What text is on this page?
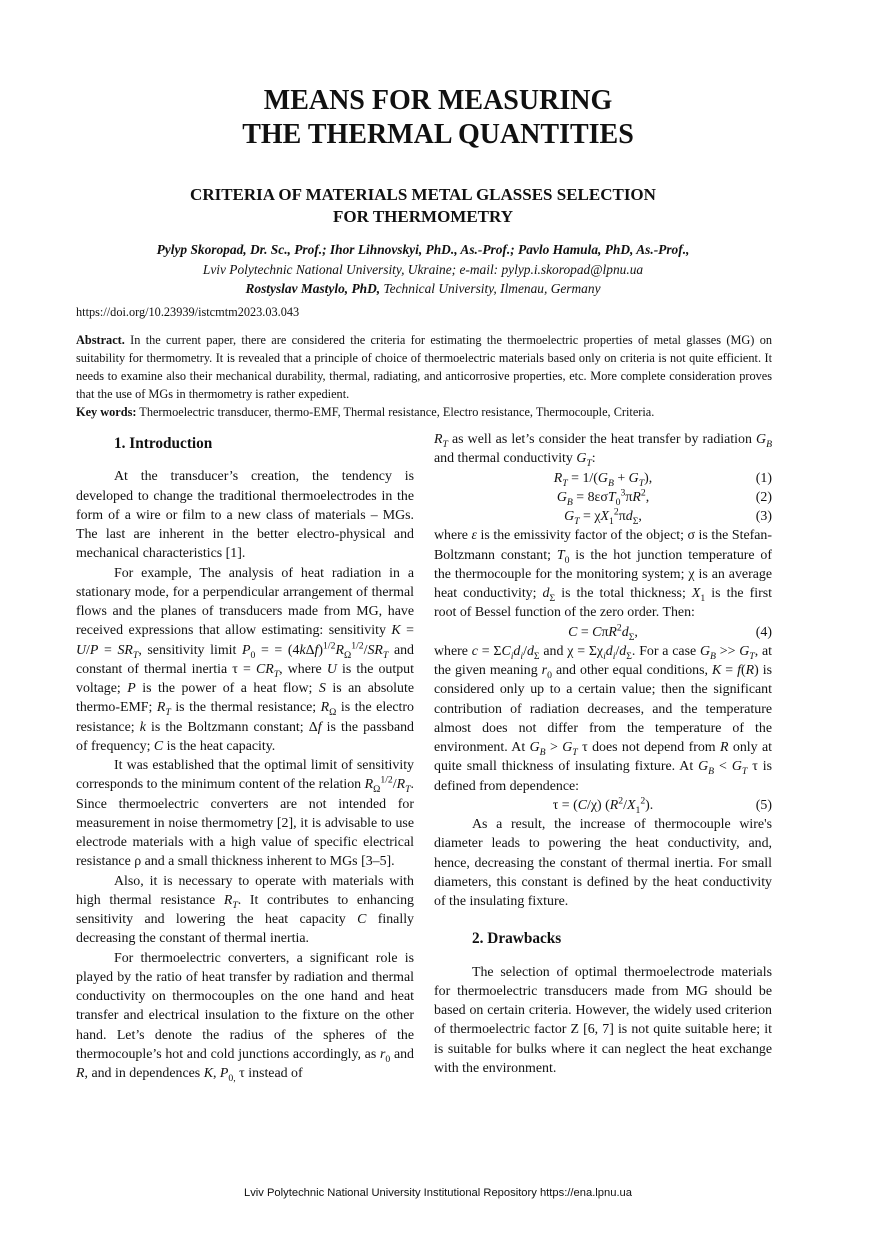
MEANS FOR MEASURING
THE THERMAL QUANTITIES
CRITERIA OF MATERIALS METAL GLASSES SELECTION
FOR THERMOMETRY
Pylyp Skoropad, Dr. Sc., Prof.; Ihor Lihnovskyi, PhD., As.-Prof.; Pavlo Hamula, PhD, As.-Prof.,
Lviv Polytechnic National University, Ukraine; e-mail: pylyp.i.skoropad@lpnu.ua
Rostyslav Mastylo, PhD, Technical University, Ilmenau, Germany
https://doi.org/10.23939/istcmtm2023.03.043
Abstract. In the current paper, there are considered the criteria for estimating the thermoelectric properties of metal glasses (MG) on suitability for thermometry. It is revealed that a principle of choice of thermoelectric materials based only on criteria is not quite efficient. It needs to examine also their mechanical durability, thermal, radiating, and anticorrosive properties, etc. More complete consideration proves that the use of MGs in thermometry is rather expedient.
Key words: Thermoelectric transducer, thermo-EMF, Thermal resistance, Electro resistance, Thermocouple, Criteria.
1. Introduction

At the transducer’s creation, the tendency is developed to change the traditional thermoelectrodes in the form of a wire or film to a new class of materials – MGs. The last are inherent in the better electro-physical and mechanical characteristics [1].

For example, The analysis of heat radiation in a stationary mode, for a perpendicular arrangement of thermal flows and the planes of transducers made from MG, have received expressions that allow estimating: sensitivity $K = U/P = SR_T$, sensitivity limit $P_0$ = = $(4k\Delta f)^{1/2}R_\Omega^{1/2}/SR_T$ and constant of thermal inertia $\tau = CR_T$, where U is the output voltage; P is the power of a heat flow; S is an absolute thermo-EMF; $R_T$ is the thermal resistance; $R_\Omega$ is the electro resistance; k is the Boltzmann constant; Δf is the passband of frequency; C is the heat capacity.

It was established that the optimal limit of sensitivity corresponds to the minimum content of the relation $R_\Omega^{1/2}/R_T$. Since thermoelectric converters are not intended for measurement in noise thermometry [2], it is advisable to use electrode materials with a high value of specific electrical resistance ρ and a small thickness inherent to MGs [3–5].

Also, it is necessary to operate with materials with high thermal resistance $R_T$. It contributes to enhancing sensitivity and lowering the heat capacity C finally decreasing the constant of thermal inertia.

For thermoelectric converters, a significant role is played by the ratio of heat transfer by radiation and thermal conductivity on thermocouples on the one hand and heat transfer and electrical insulation to the fixture on the other hand. Let’s denote the radius of the spheres of the thermocouple’s hot and cold junctions accordingly, as $r_0$ and R, and in dependences K, $P_{0,}$ τ instead of

$R_T$ as well as let’s consider the heat transfer by radiation $G_B$ and thermal conductivity $G_T$:

$R_T = 1/(G_B + G_T)$,	(1)
$G_B = 8\varepsilon\sigma T_0^3\pi R^2$,	(2)
$G_T = \chi X_1^2\pi d_\Sigma$,	(3)

where ε is the emissivity factor of the object; σ is the Stefan-Boltzmann constant; $T_0$ is the hot junction temperature of the thermocouple for the monitoring system; χ is an average heat conductivity; $d_\Sigma$ is the total thickness; $X_1$ is the first root of Bessel function of the zero order. Then:

$C = C\pi R^2d_\Sigma$,	(4)

where $c = \Sigma C_id_i/d_\Sigma$ and $\chi = \Sigma\chi_id_i/d_\Sigma$. For a case $G_B >> G_T$, at the given meaning $r_0$ and other equal conditions, K = f(R) is considered only up to a certain value; then the significant contribution of radiation decreases, and the temperature almost does not differ from the temperature of the environment. At $G_B > G_T$ τ does not depend from R only at quite small thickness of insulating fixture. At $G_B < G_T$ τ is defined from dependence:

τ = (C/χ) $(R^2/X_1^2)$.	(5)

As a result, the increase of thermocouple wire's diameter leads to powering the heat conductivity, and, hence, decreasing the constant of thermal inertia. For small diameters, this constant is defined by the heat conductivity of the insulating fixture.

2. Drawbacks

The selection of optimal thermoelectrode materials for thermoelectric transducers made from MG should be based on certain criteria. However, the widely used criterion of thermoelectric factor Z [6, 7] is not quite suitable here; it is suitable for bulks where it can neglect the heat exchange with the environment.

Lviv Polytechnic National University Institutional Repository https://ena.lpnu.ua
